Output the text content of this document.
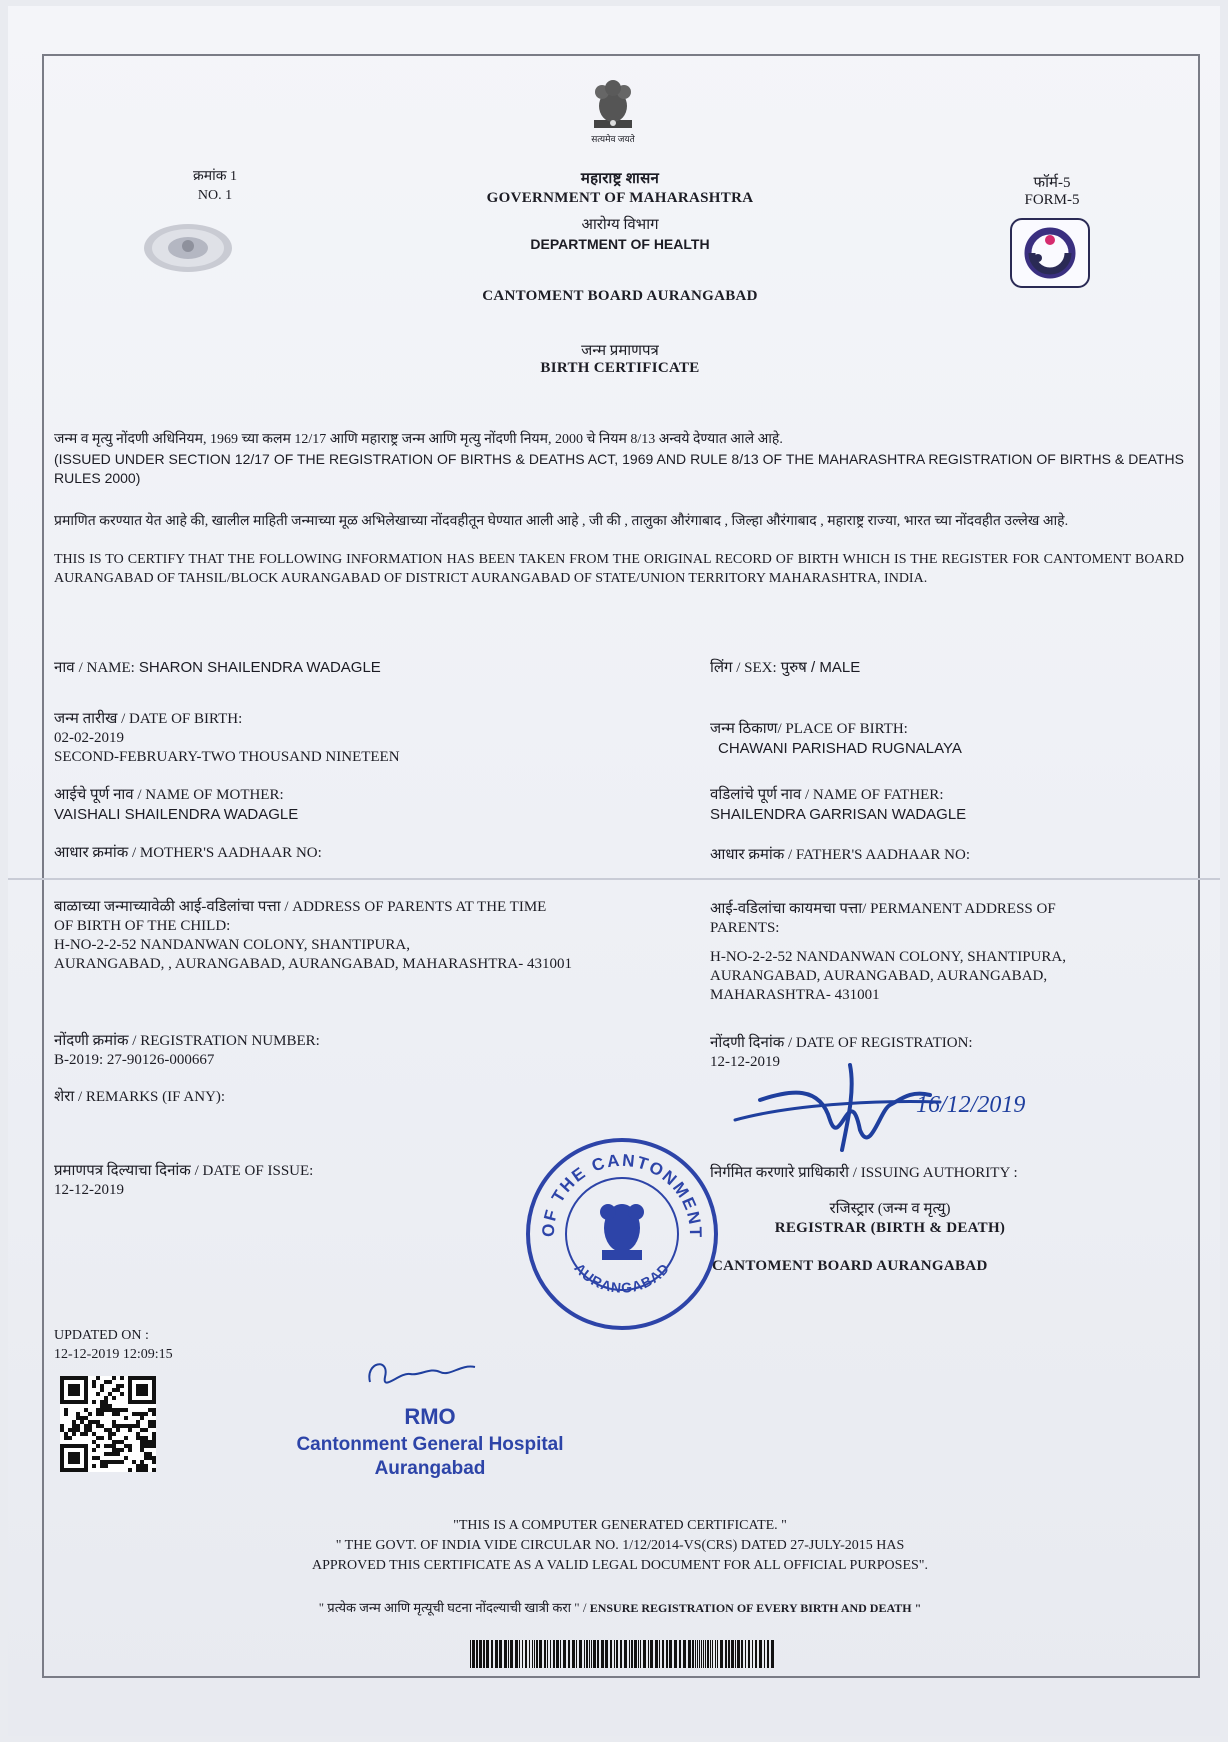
सत्यमेव जयते
क्रमांक 1
NO. 1
फॉर्म-5
FORM-5
महाराष्ट्र शासन
GOVERNMENT OF MAHARASHTRA
आरोग्य विभाग
DEPARTMENT OF HEALTH
CANTOMENT BOARD AURANGABAD
जन्म प्रमाणपत्र
BIRTH CERTIFICATE
जन्म व मृत्यु नोंदणी अधिनियम, 1969 च्या कलम 12/17 आणि महाराष्ट्र जन्म आणि मृत्यु नोंदणी नियम, 2000 चे नियम 8/13 अन्वये देण्यात आले आहे.
(ISSUED UNDER SECTION 12/17 OF THE REGISTRATION OF BIRTHS & DEATHS ACT, 1969 AND RULE 8/13 OF THE MAHARASHTRA REGISTRATION OF BIRTHS & DEATHS RULES 2000)
प्रमाणित करण्यात येत आहे की, खालील माहिती जन्माच्या मूळ अभिलेखाच्या नोंदवहीतून घेण्यात आली आहे , जी की , तालुका औरंगाबाद , जिल्हा औरंगाबाद , महाराष्ट्र राज्या, भारत च्या नोंदवहीत उल्लेख आहे.
THIS IS TO CERTIFY THAT THE FOLLOWING INFORMATION HAS BEEN TAKEN FROM THE ORIGINAL RECORD OF BIRTH WHICH IS THE REGISTER FOR CANTOMENT BOARD AURANGABAD OF TAHSIL/BLOCK AURANGABAD OF DISTRICT AURANGABAD OF STATE/UNION TERRITORY MAHARASHTRA, INDIA.
नाव / NAME: SHARON SHAILENDRA WADAGLE
जन्म तारीख / DATE OF BIRTH:
02-02-2019
SECOND-FEBRUARY-TWO THOUSAND NINETEEN
आईचे पूर्ण नाव / NAME OF MOTHER:
VAISHALI SHAILENDRA WADAGLE
आधार क्रमांक / MOTHER'S AADHAAR NO:
बाळाच्या जन्माच्यावेळी आई-वडिलांचा पत्ता / ADDRESS OF PARENTS AT THE TIME
OF BIRTH OF THE CHILD:
H-NO-2-2-52 NANDANWAN COLONY, SHANTIPURA,
AURANGABAD, , AURANGABAD, AURANGABAD, MAHARASHTRA- 431001
नोंदणी क्रमांक / REGISTRATION NUMBER:
B-2019: 27-90126-000667
शेरा / REMARKS (IF ANY):
प्रमाणपत्र दिल्याचा दिनांक / DATE OF ISSUE:
12-12-2019
लिंग / SEX: पुरुष / MALE
जन्म ठिकाण/ PLACE OF BIRTH:
CHAWANI PARISHAD RUGNALAYA
वडिलांचे पूर्ण नाव / NAME OF FATHER:
SHAILENDRA GARRISAN WADAGLE
आधार क्रमांक / FATHER'S AADHAAR NO:
आई-वडिलांचा कायमचा पत्ता/ PERMANENT ADDRESS OF
PARENTS:
H-NO-2-2-52 NANDANWAN COLONY, SHANTIPURA,
AURANGABAD, AURANGABAD, AURANGABAD,
MAHARASHTRA- 431001
नोंदणी दिनांक / DATE OF REGISTRATION:
12-12-2019
16/12/2019
निर्गमित करणारे प्राधिकारी / ISSUING AUTHORITY :
रजिस्ट्रार (जन्म व मृत्यु)
REGISTRAR (BIRTH & DEATH)
CANTOMENT BOARD AURANGABAD
OF THE CANTONMENT
AURANGABAD
UPDATED ON :
12-12-2019 12:09:15
RMO
Cantonment General Hospital
Aurangabad
"THIS IS A COMPUTER GENERATED CERTIFICATE. "
" THE GOVT. OF INDIA VIDE CIRCULAR NO. 1/12/2014-VS(CRS) DATED 27-JULY-2015 HAS
APPROVED THIS CERTIFICATE AS A VALID LEGAL DOCUMENT FOR ALL OFFICIAL PURPOSES".
" प्रत्येक जन्म आणि मृत्यूची घटना नोंदल्याची खात्री करा " / ENSURE REGISTRATION OF EVERY BIRTH AND DEATH "
